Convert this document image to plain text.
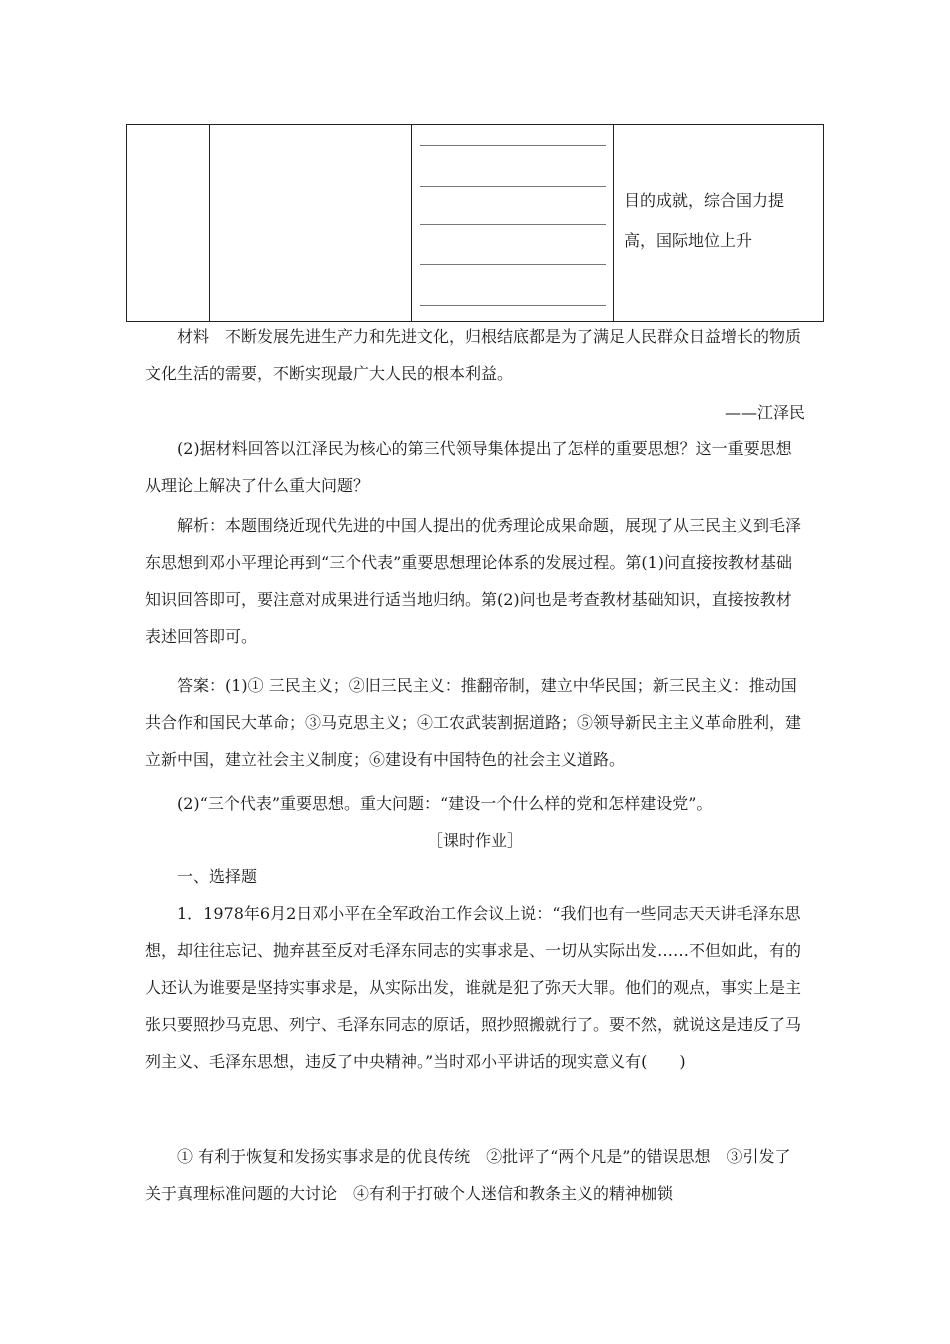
目的成就，综合国力提
高，国际地位上升
材料　不断发展先进生产力和先进文化，归根结底都是为了满足人民群众日益增长的物质文化生活的需要，不断实现最广大人民的根本利益。
——江泽民
(2)据材料回答以江泽民为核心的第三代领导集体提出了怎样的重要思想？这一重要思想从理论上解决了什么重大问题？
解析：本题围绕近现代先进的中国人提出的优秀理论成果命题，展现了从三民主义到毛泽东思想到邓小平理论再到“三个代表”重要思想理论体系的发展过程。第(1)问直接按教材基础知识回答即可，要注意对成果进行适当地归纳。第(2)问也是考查教材基础知识，直接按教材表述回答即可。
答案：(1)① 三民主义；②旧三民主义：推翻帝制，建立中华民国；新三民主义：推动国共合作和国民大革命；③马克思主义；④工农武装割据道路；⑤领导新民主主义革命胜利，建立新中国，建立社会主义制度；⑥建设有中国特色的社会主义道路。
(2)“三个代表”重要思想。重大问题：“建设一个什么样的党和怎样建设党”。
［课时作业］
一、选择题
1．1978年6月2日邓小平在全军政治工作会议上说：“我们也有一些同志天天讲毛泽东思想，却往往忘记、抛弃甚至反对毛泽东同志的实事求是、一切从实际出发……不但如此，有的人还认为谁要是坚持实事求是，从实际出发，谁就是犯了弥天大罪。他们的观点，事实上是主张只要照抄马克思、列宁、毛泽东同志的原话，照抄照搬就行了。要不然，就说这是违反了马列主义、毛泽东思想，违反了中央精神。”当时邓小平讲话的现实意义有(　　)
① 有利于恢复和发扬实事求是的优良传统　②批评了“两个凡是”的错误思想　③引发了关于真理标准问题的大讨论　④有利于打破个人迷信和教条主义的精神枷锁
